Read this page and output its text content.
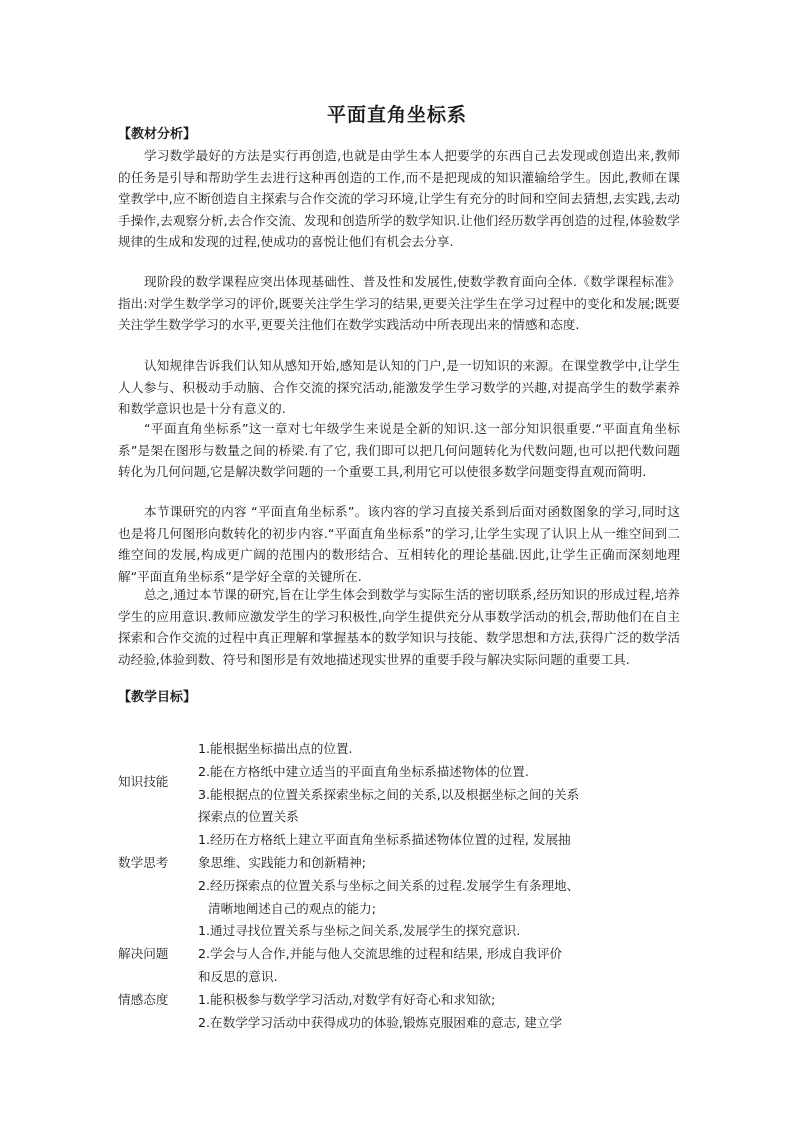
平面直角坐标系
【教材分析】

学习数学最好的方法是实行再创造,也就是由学生本人把要学的东西自己去发现或创造出来,教师的任务是引导和帮助学生去进行这种再创造的工作,而不是把现成的知识灌输给学生。因此,教师在课堂教学中,应不断创造自主探索与合作交流的学习环境,让学生有充分的时间和空间去猜想,去实践,去动手操作,去观察分析,去合作交流、发现和创造所学的数学知识.让他们经历数学再创造的过程,体验数学规律的生成和发现的过程,使成功的喜悦让他们有机会去分享.

现阶段的数学课程应突出体现基础性、普及性和发展性,使数学教育面向全体.《数学课程标准》指出:对学生数学学习的评价,既要关注学生学习的结果,更要关注学生在学习过程中的变化和发展;既要关注学生数学学习的水平,更要关注他们在数学实践活动中所表现出来的情感和态度.

认知规律告诉我们认知从感知开始,感知是认知的门户,是一切知识的来源。在课堂教学中,让学生人人参与、积极动手动脑、合作交流的探究活动,能激发学生学习数学的兴趣,对提高学生的数学素养和数学意识也是十分有意义的.

“平面直角坐标系”这一章对七年级学生来说是全新的知识.这一部分知识很重要.“平面直角坐标系”是架在图形与数量之间的桥梁.有了它, 我们即可以把几何问题转化为代数问题,也可以把代数问题转化为几何问题,它是解决数学问题的一个重要工具,利用它可以使很多数学问题变得直观而简明.

本节课研究的内容 “平面直角坐标系”。该内容的学习直接关系到后面对函数图象的学习,同时这也是将几何图形向数转化的初步内容.“平面直角坐标系”的学习,让学生实现了认识上从一维空间到二维空间的发展,构成更广阔的范围内的数形结合、互相转化的理论基础.因此,让学生正确而深刻地理解“平面直角坐标系”是学好全章的关键所在.

总之,通过本节课的研究,旨在让学生体会到数学与实际生活的密切联系,经历知识的形成过程,培养学生的应用意识.教师应激发学生的学习积极性,向学生提供充分从事数学活动的机会,帮助他们在自主探索和合作交流的过程中真正理解和掌握基本的数学知识与技能、数学思想和方法,获得广泛的数学活动经验,体验到数、符号和图形是有效地描述现实世界的重要手段与解决实际问题的重要工具.

【教学目标】
知识技能
1.能根据坐标描出点的位置.
2.能在方格纸中建立适当的平面直角坐标系描述物体的位置.
3.能根据点的位置关系探索坐标之间的关系,以及根据坐标之间的关系
探索点的位置关系
数学思考
1.经历在方格纸上建立平面直角坐标系描述物体位置的过程, 发展抽
象思维、实践能力和创新精神;
2.经历探索点的位置关系与坐标之间关系的过程.发展学生有条理地、
清晰地阐述自己的观点的能力;
解决问题
1.通过寻找位置关系与坐标之间关系,发展学生的探究意识.
2.学会与人合作,并能与他人交流思维的过程和结果, 形成自我评价
和反思的意识.
情感态度	1.能积极参与数学学习活动,对数学有好奇心和求知欲;
2.在数学学习活动中获得成功的体验,锻炼克服困难的意志, 建立学
